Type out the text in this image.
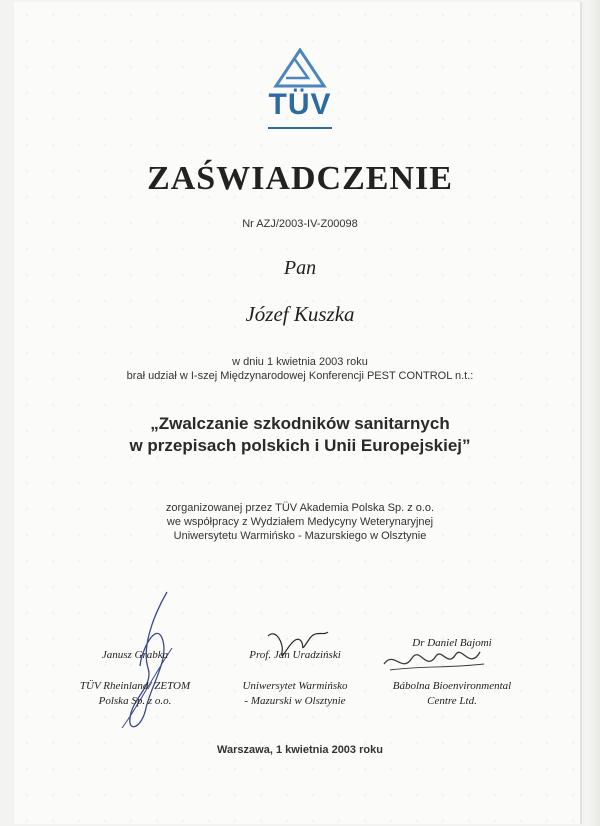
TÜV
ZAŚWIADCZENIE
Nr AZJ/2003-IV-Z00098
Pan
Józef Kuszka
w dniu 1 kwietnia 2003 roku
brał udział w I-szej Międzynarodowej Konferencji PEST CONTROL n.t.:
„Zwalczanie szkodników sanitarnych
w przepisach polskich i Unii Europejskiej”
zorganizowanej przez TÜV Akademia Polska Sp. z o.o.
we współpracy z Wydziałem Medycyny Weterynaryjnej
Uniwersytetu Warmińsko - Mazurskiego w Olsztynie
Janusz Grabka
TÜV Rheinland/ ZETOM
Polska Sp. z o.o.
Prof. Jan Uradziński
Uniwersytet Warmińsko
- Mazurski w Olsztynie
Dr Daniel Bajomi
Bábolna Bioenvironmental
Centre Ltd.
Warszawa, 1 kwietnia 2003 roku
